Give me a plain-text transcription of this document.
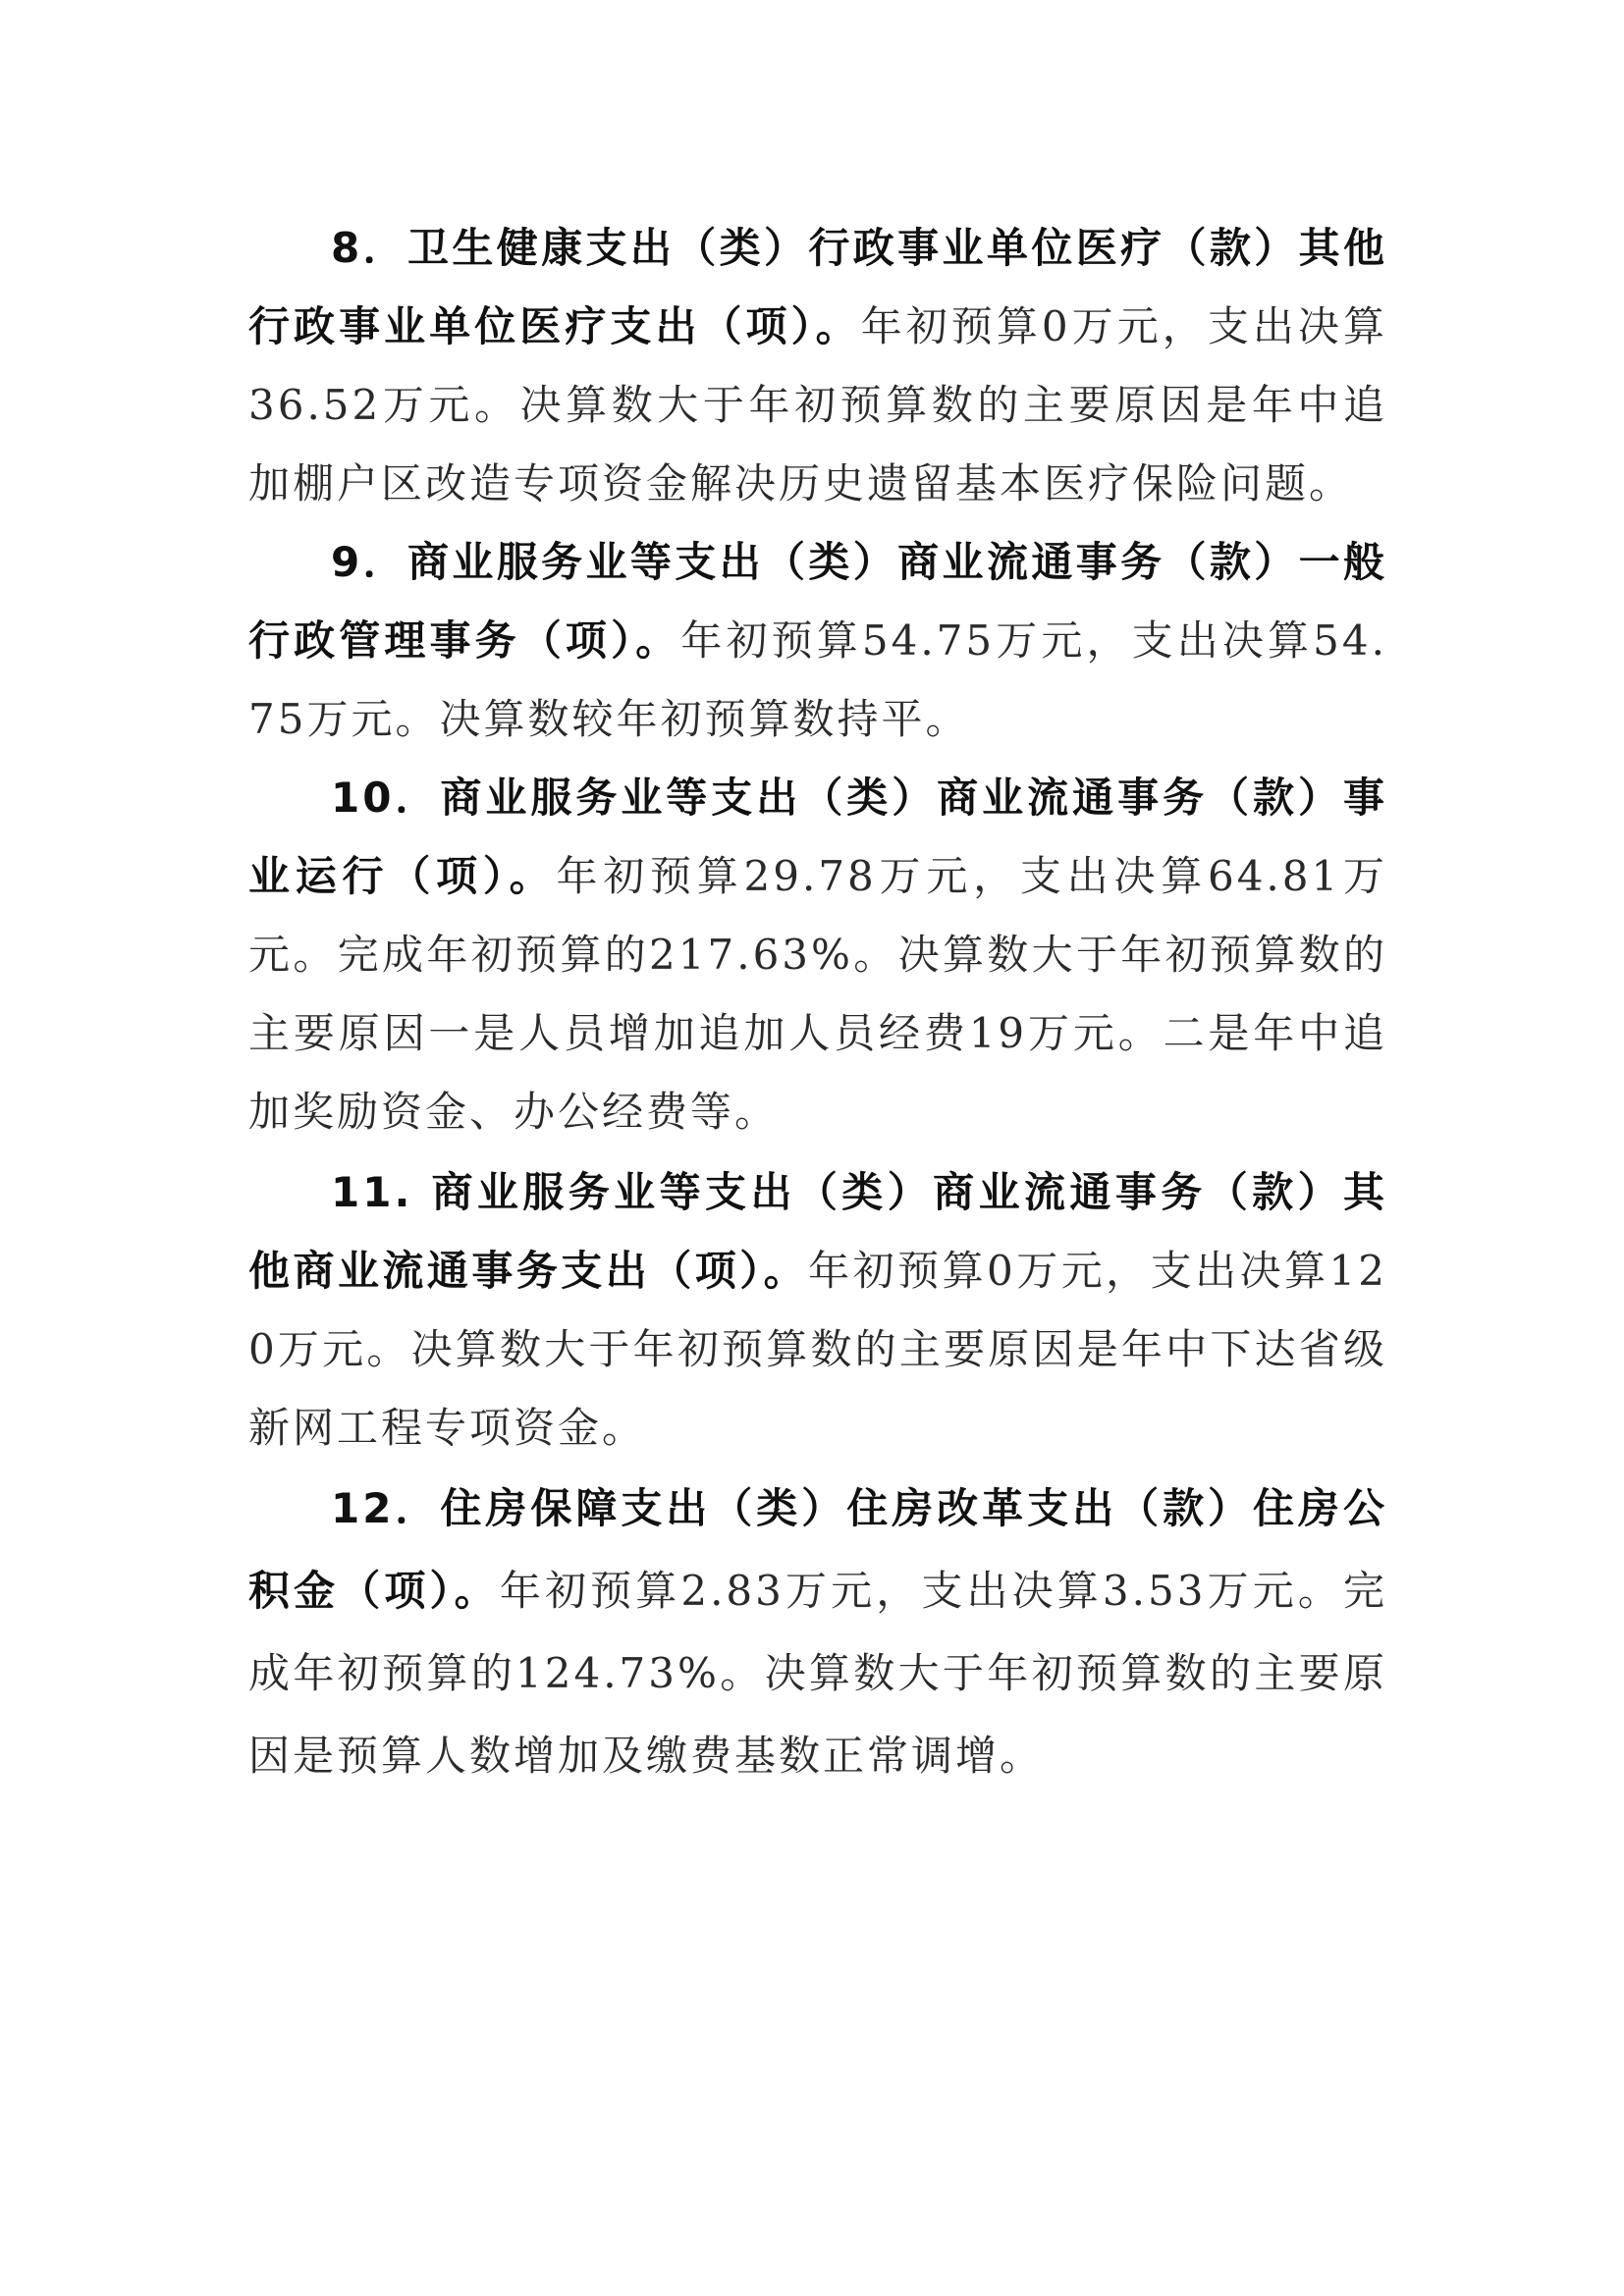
8．卫生健康支出（类）行政事业单位医疗（款）其他行政事业单位医疗支出（项）。年初预算0万元，支出决算36.52万元。决算数大于年初预算数的主要原因是年中追加棚户区改造专项资金解决历史遗留基本医疗保险问题。

9．商业服务业等支出（类）商业流通事务（款）一般行政管理事务（项）。年初预算54.75万元，支出决算54.75万元。决算数较年初预算数持平。

10．商业服务业等支出（类）商业流通事务（款）事业运行（项）。年初预算29.78万元，支出决算64.81万元。完成年初预算的217.63%。决算数大于年初预算数的主要原因一是人员增加追加人员经费19万元。二是年中追加奖励资金、办公经费等。

11. 商业服务业等支出（类）商业流通事务（款）其他商业流通事务支出（项）。年初预算0万元，支出决算120万元。决算数大于年初预算数的主要原因是年中下达省级新网工程专项资金。

12．住房保障支出（类）住房改革支出（款）住房公积金（项）。年初预算2.83万元，支出决算3.53万元。完成年初预算的124.73%。决算数大于年初预算数的主要原因是预算人数增加及缴费基数正常调增。
